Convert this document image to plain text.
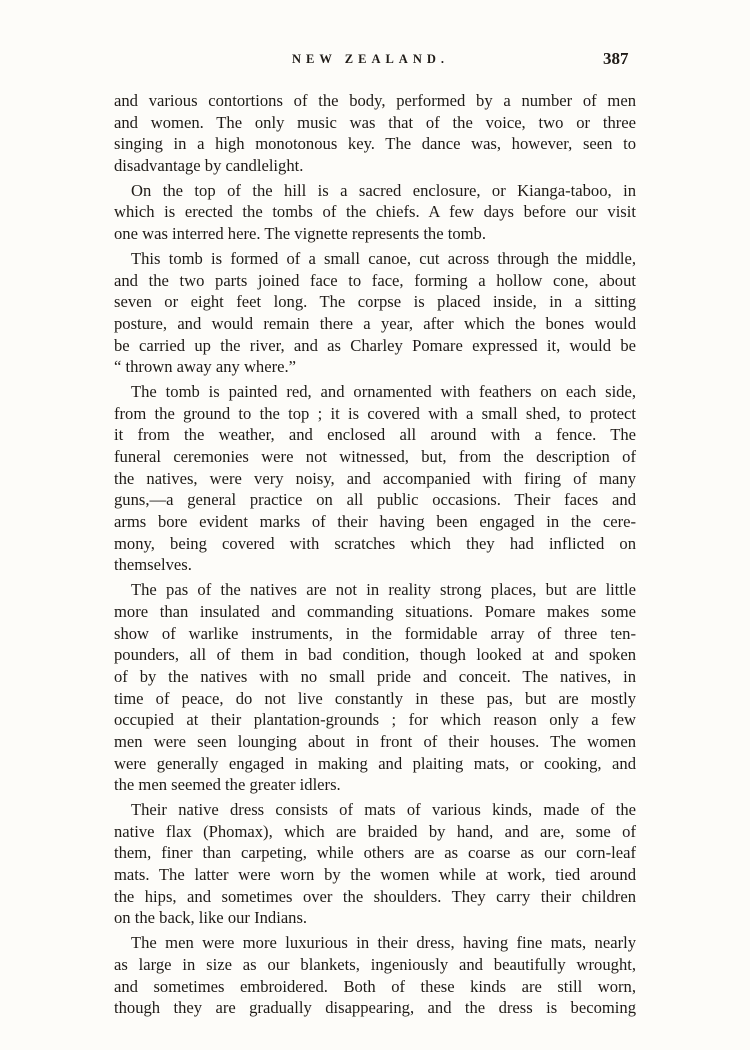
NEW ZEALAND.	387
and various contortions of the body, performed by a number of men
and women. The only music was that of the voice, two or three
singing in a high monotonous key. The dance was, however, seen to
disadvantage by candlelight.
On the top of the hill is a sacred enclosure, or Kianga-taboo, in
which is erected the tombs of the chiefs. A few days before our visit
one was interred here. The vignette represents the tomb.
This tomb is formed of a small canoe, cut across through the middle,
and the two parts joined face to face, forming a hollow cone, about
seven or eight feet long. The corpse is placed inside, in a sitting
posture, and would remain there a year, after which the bones would
be carried up the river, and as Charley Pomare expressed it, would be
“ thrown away any where.”
The tomb is painted red, and ornamented with feathers on each side,
from the ground to the top ; it is covered with a small shed, to protect
it from the weather, and enclosed all around with a fence. The
funeral ceremonies were not witnessed, but, from the description of
the natives, were very noisy, and accompanied with firing of many
guns,—a general practice on all public occasions. Their faces and
arms bore evident marks of their having been engaged in the cere-
mony, being covered with scratches which they had inflicted on
themselves.
The pas of the natives are not in reality strong places, but are little
more than insulated and commanding situations. Pomare makes some
show of warlike instruments, in the formidable array of three ten-
pounders, all of them in bad condition, though looked at and spoken
of by the natives with no small pride and conceit. The natives, in
time of peace, do not live constantly in these pas, but are mostly
occupied at their plantation-grounds ; for which reason only a few
men were seen lounging about in front of their houses. The women
were generally engaged in making and plaiting mats, or cooking, and
the men seemed the greater idlers.
Their native dress consists of mats of various kinds, made of the
native flax (Phomax), which are braided by hand, and are, some of
them, finer than carpeting, while others are as coarse as our corn-leaf
mats. The latter were worn by the women while at work, tied around
the hips, and sometimes over the shoulders. They carry their children
on the back, like our Indians.
The men were more luxurious in their dress, having fine mats, nearly
as large in size as our blankets, ingeniously and beautifully wrought,
and sometimes embroidered. Both of these kinds are still worn,
though they are gradually disappearing, and the dress is becoming
